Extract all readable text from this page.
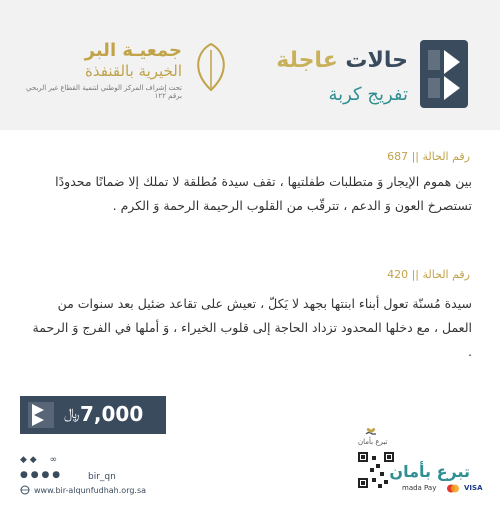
حالات عاجلة
تفريج كربة
جمعيـة البر
الخيرية بالقنفذة
تحت إشراف المركز الوطني لتنمية القطاع غير الربحي برقم ١٢٢
رقم الحالة || 687
بين هموم الإيجار وَ متطلبات طفلتيها ، تقف سيدة مُطلقة لا تملك إلا ضمانًا محدودًا تستصرخ العون وَ الدعم ، تترقّب من القلوب الرحيمة الرحمة وَ الكرم .
رقم الحالة || 420
سيدة مُسنّة تعول أبناء ابنتها بجهد لا يَكلّ ، تعيش على تقاعد ضئيل بعد سنوات من العمل ، مع دخلها المحدود تزداد الحاجة إلى قلوب الخيراء ، وَ أملها في الفرج وَ الرحمة .
﷼ 7,000
تبرع بأمان
تبرع بأمان
mada Pay	VISA
◆ ◆ ∞
● ● ● ●	bir_qn
www.bir-alqunfudhah.org.sa
